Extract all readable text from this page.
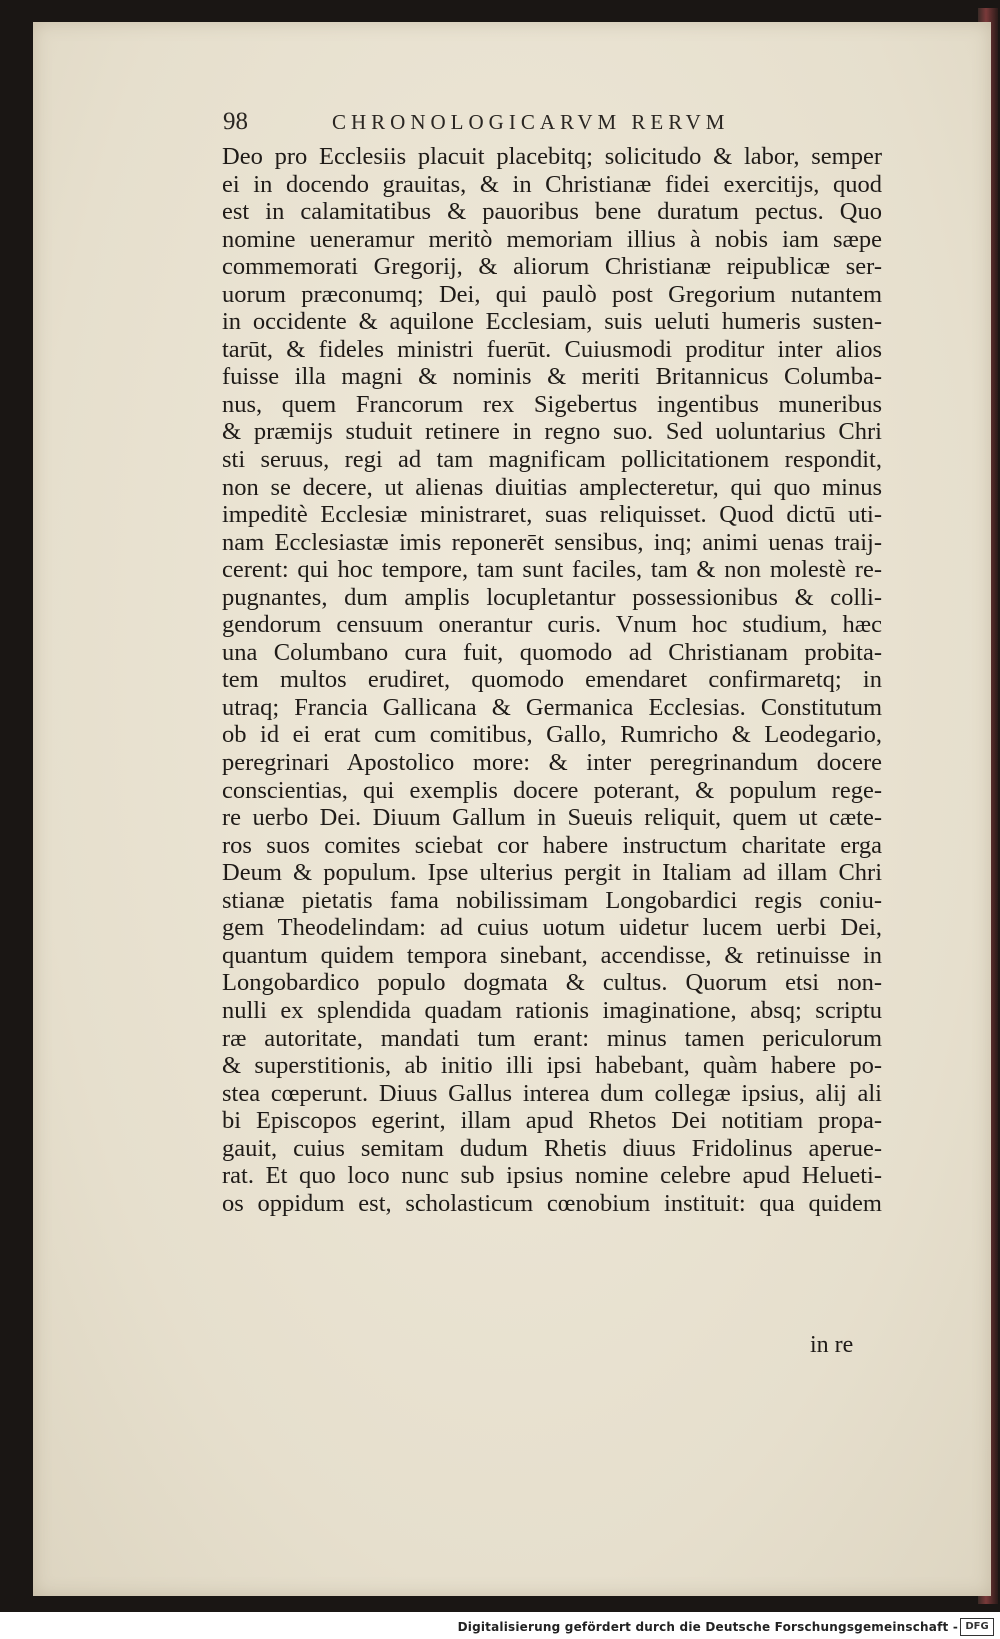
98	CHRONOLOGICARVM RERVM
Deo pro Ecclesiis placuit placebitq; solicitudo & labor, semper
ei in docendo grauitas, & in Christianæ fidei exercitijs, quod
est in calamitatibus & pauoribus bene duratum pectus. Quo
nomine ueneramur meritò memoriam illius à nobis iam sæpe
commemorati Gregorij, & aliorum Christianæ reipublicæ ser-
uorum præconumq; Dei, qui paulò post Gregorium nutantem
in occidente & aquilone Ecclesiam, suis ueluti humeris susten-
tarūt, & fideles ministri fuerūt. Cuiusmodi proditur inter alios
fuisse illa magni & nominis & meriti Britannicus Columba-
nus, quem Francorum rex Sigebertus ingentibus muneribus
& præmijs studuit retinere in regno suo. Sed uoluntarius Chri
sti seruus, regi ad tam magnificam pollicitationem respondit,
non se decere, ut alienas diuitias amplecteretur, qui quo minus
impeditè Ecclesiæ ministraret, suas reliquisset. Quod dictū uti-
nam Ecclesiastæ imis reponerēt sensibus, inq; animi uenas traij-
cerent: qui hoc tempore, tam sunt faciles, tam & non molestè re-
pugnantes, dum amplis locupletantur possessionibus & colli-
gendorum censuum onerantur curis. Vnum hoc studium, hæc
una Columbano cura fuit, quomodo ad Christianam probita-
tem multos erudiret, quomodo emendaret confirmaretq; in
utraq; Francia Gallicana & Germanica Ecclesias. Constitutum
ob id ei erat cum comitibus, Gallo, Rumricho & Leodegario,
peregrinari Apostolico more: & inter peregrinandum docere
conscientias, qui exemplis docere poterant, & populum rege-
re uerbo Dei. Diuum Gallum in Sueuis reliquit, quem ut cæte-
ros suos comites sciebat cor habere instructum charitate erga
Deum & populum. Ipse ulterius pergit in Italiam ad illam Chri
stianæ pietatis fama nobilissimam Longobardici regis coniu-
gem Theodelindam: ad cuius uotum uidetur lucem uerbi Dei,
quantum quidem tempora sinebant, accendisse, & retinuisse in
Longobardico populo dogmata & cultus. Quorum etsi non-
nulli ex splendida quadam rationis imaginatione, absq; scriptu
ræ autoritate, mandati tum erant: minus tamen periculorum
& superstitionis, ab initio illi ipsi habebant, quàm habere po-
stea cœperunt. Diuus Gallus interea dum collegæ ipsius, alij ali
bi Episcopos egerint, illam apud Rhetos Dei notitiam propa-
gauit, cuius semitam dudum Rhetis diuus Fridolinus aperue-
rat. Et quo loco nunc sub ipsius nomine celebre apud Helueti-
os oppidum est, scholasticum cœnobium instituit: qua quidem
in re
Digitalisierung gefördert durch die Deutsche Forschungsgemeinschaft - DFG
